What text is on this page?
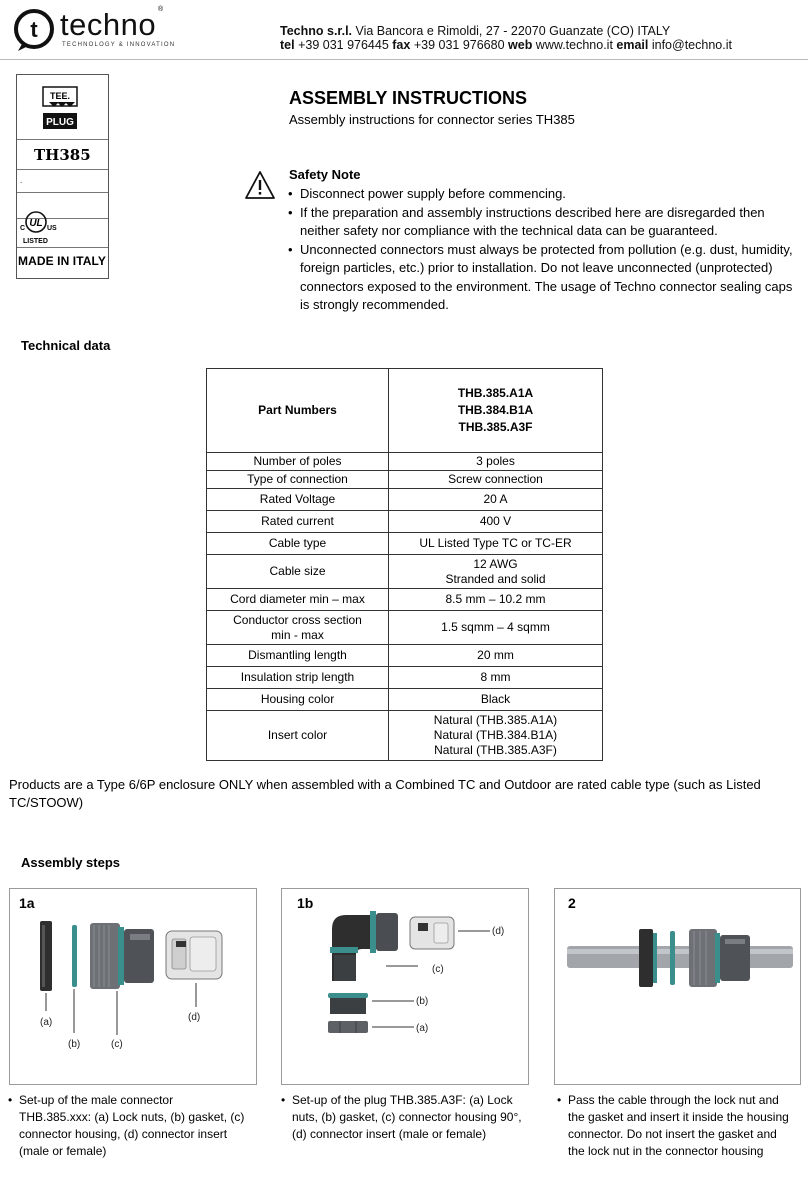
t techno ®
TECHNOLOGY & INNOVATION
Techno s.r.l. Via Bancora e Rimoldi, 27 - 22070 Guanzate (CO) ITALY
tel +39 031 976445 fax +39 031 976680 web www.techno.it email info@techno.it
TEE.
PLUG
TH385
.
C UL US
LISTED
MADE IN ITALY
ASSEMBLY INSTRUCTIONS
Assembly instructions for connector series TH385
Safety Note
• Disconnect power supply before commencing.
• If the preparation and assembly instructions described here are disregarded then neither safety nor compliance with the technical data can be guaranteed.
• Unconnected connectors must always be protected from pollution (e.g. dust, humidity, foreign particles, etc.) prior to installation. Do not leave unconnected (unprotected) connectors exposed to the environment. The usage of Techno connector sealing caps is strongly recommended.
Technical data
Part Numbers	THB.385.A1A
THB.384.B1A
THB.385.A3F

Number of poles	3 poles
Type of connection	Screw connection
Rated Voltage	20 A
Rated current	400 V
Cable type	UL Listed Type TC or TC-ER
Cable size	12 AWG
Stranded and solid

Cord diameter min – max	8.5 mm – 10.2 mm

Conductor cross section
min - max	1.5 sqmm – 4 sqmm
Dismantling length	20 mm
Insulation strip length	8 mm
Housing color	Black
Insert color	Natural (THB.385.A1A)
Natural (THB.384.B1A)
Natural (THB.385.A3F)
Products are a Type 6/6P enclosure ONLY when assembled with a Combined TC and Outdoor are rated cable type (such as Listed TC/STOOW)
Assembly steps
(a)
(b)	(c)
(d)
1a
• Set-up of the male connector THB.385.xxx: (a) Lock nuts, (b) gasket, (c) connector housing, (d) connector insert (male or female)
(d)
(c)
(b)
(a)
1b
• Set-up of the plug THB.385.A3F: (a) Lock nuts, (b) gasket, (c) connector housing 90°, (d) connector insert (male or female)
2
• Pass the cable through the lock nut and the gasket and insert it inside the housing connector. Do not insert the gasket and the lock nut in the connector housing
